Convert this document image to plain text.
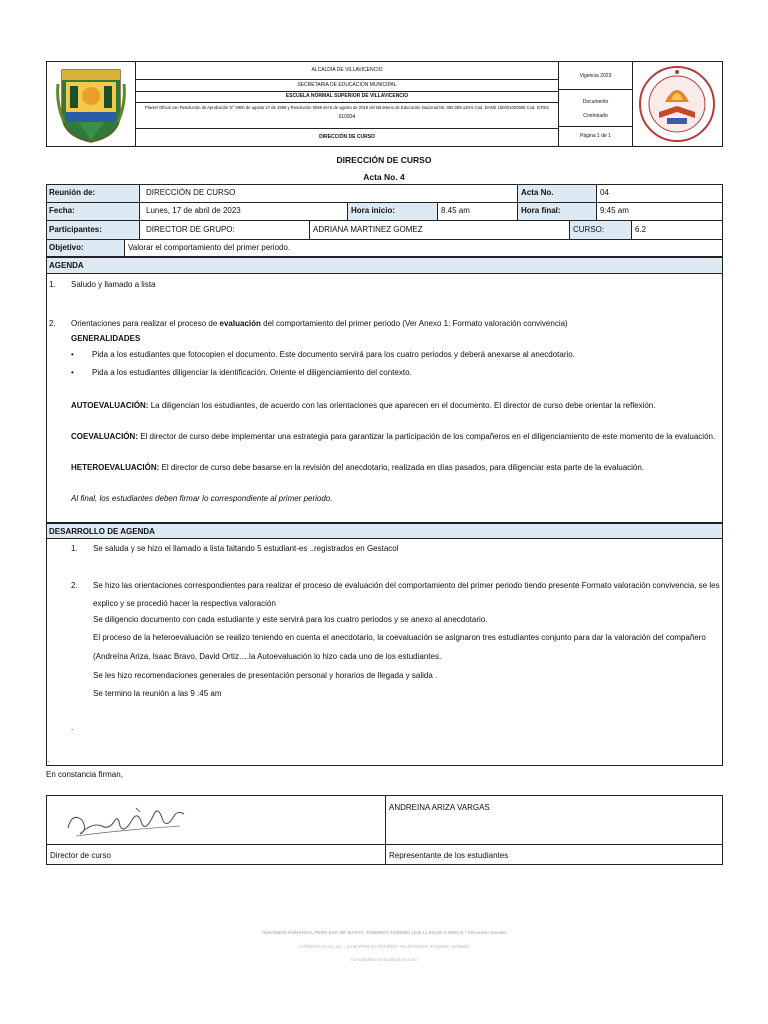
ALCALDIA DE VILLAVICENCIO
SECRETARIA DE EDUCACION MUNICIPAL
ESCUELA NORMAL SUPERIOR DE VILLAVICENCIO
Plantel Oficial con Resolución de Aprobación N° 0900 de agosto 27 de 1999 y Resolución 6069 del 6 de agosto de 2019 del Ministerio de Educación Nacional Nit. 892.099.128-5 Cod. DANE 150001000908 Cod. ICFES
010934
DIRECCIÓN DE CURSO
Vigencia 2023
Documento
Controlado
Página 1 de 1
DIRECCIÓN DE CURSO
Acta No. 4
Reunión de:	DIRECCIÓN DE CURSO	Acta No.	04
Fecha:	Lunes, 17 de abril de 2023	Hora inicio:	8.45 am	Hora final:	9:45 am
Participantes:	DIRECTOR DE GRUPO:	ADRIANA MARTINEZ GOMEZ	CURSO:	6.2
Objetivo:	Valorar el comportamiento del primer periodo.
AGENDA
1. Saludo y llamado a lista
2. Orientaciones para realizar el proceso de evaluación del comportamiento del primer periodo (Ver Anexo 1: Formato valoración convivencia)
GENERALIDADES
• Pida a los estudiantes que fotocopien el documento. Este documento servirá para los cuatro periodos y deberá anexarse al anecdotario.
• Pida a los estudiantes diligenciar la identificación. Oriente el diligenciamiento del contexto.
AUTOEVALUACIÓN: La diligencian los estudiantes, de acuerdo con las orientaciones que aparecen en el documento. El director de curso debe orientar la reflexión.
COEVALUACIÓN: El director de curso debe implementar una estrategia para garantizar la participación de los compañeros en el diligenciamiento de este momento de la evaluación.
HETEROEVALUACIÓN: El director de curso debe basarse en la revisión del anecdotario, realizada en días pasados, para diligenciar esta parte de la evaluación.
Al final, los estudiantes deben firmar lo correspondiente al primer periodo.
DESARROLLO DE AGENDA
1. Se saluda y se hizo el llamado a lista faltando 5 estudiant-es ..registrados en Gestacol
2. Se hizo las orientaciones correspondientes para realizar el proceso de evaluación del comportamiento del primer periodo tiendo presente Formato valoración convivencia, se les
explico y se procedió hacer la respectiva valoración
Se diligencio documento con cada estudiante y este servirá para los cuatro periodos y se anexo al anecdotario.
El proceso de la heteroevaluación se realizo teniendo en cuenta el anecdotario, la coevaluación se asignaron tres estudiantes conjunto para dar la valoración del compañero
(Andreína Ariza, Isaac Bravo, David Ortiz….la Autoevaluación lo hizo cada uno de los estudiantes.
Se les hizo recomendaciones generales de presentación personal y horarios de llegada y salida .
Se termino la reunión a las 9 :45 am
.
.
En constancia firman,
ANDREINA ARIZA VARGAS
Director de curso	Representante de los estudiantes
"NACEMOS HUMANOS, PERO ESO NO BASTA, TENEMOS TAMBIÉN QUE LLEGAR A SERLO." Fernando Savater
CARRERA 33 No. 21 – 10 BARRIO LA FLORIDA TELEFONOS: 6715566 - 6708601
normalvillavicencio@yahoo.com
